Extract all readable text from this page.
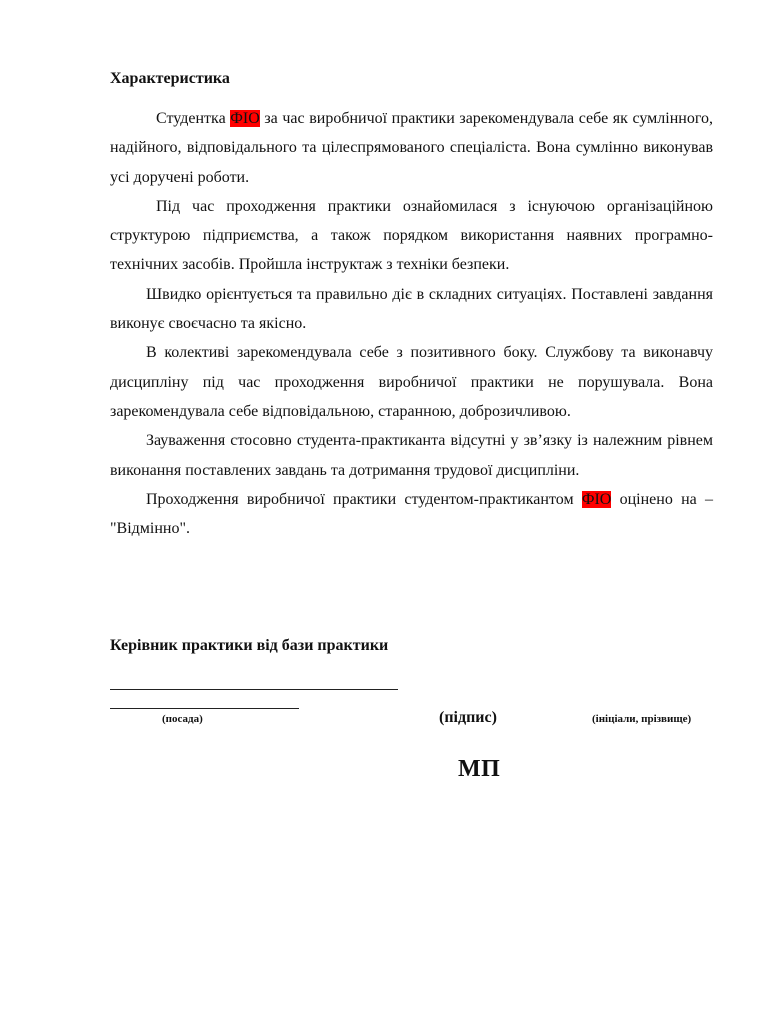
Характеристика

Студентка ФІО за час виробничої практики зарекомендувала себе як сумлінного, надійного, відповідального та цілеспрямованого спеціаліста. Вона сумлінно виконував усі доручені роботи.

Під час проходження практики ознайомилася з існуючою організаційною структурою підприємства, а також порядком використання наявних програмно-технічних засобів. Пройшла інструктаж з техніки безпеки.

Швидко орієнтується та правильно діє в складних ситуаціях. Поставлені завдання виконує своєчасно та якісно.

В колективі зарекомендувала себе з позитивного боку. Службову та виконавчу дисципліну під час проходження виробничої практики не порушувала. Вона зарекомендувала себе відповідальною, старанною, доброзичливою.

Зауваження стосовно студента-практиканта відсутні у зв’язку із належним рівнем виконання поставлених завдань та дотримання трудової дисципліни.

Проходження виробничої практики студентом-практикантом ФІО оцінено на – "Відмінно".

Керівник практики від бази практики
(посада)	(підпис)	(ініціали, прізвище)
МП
